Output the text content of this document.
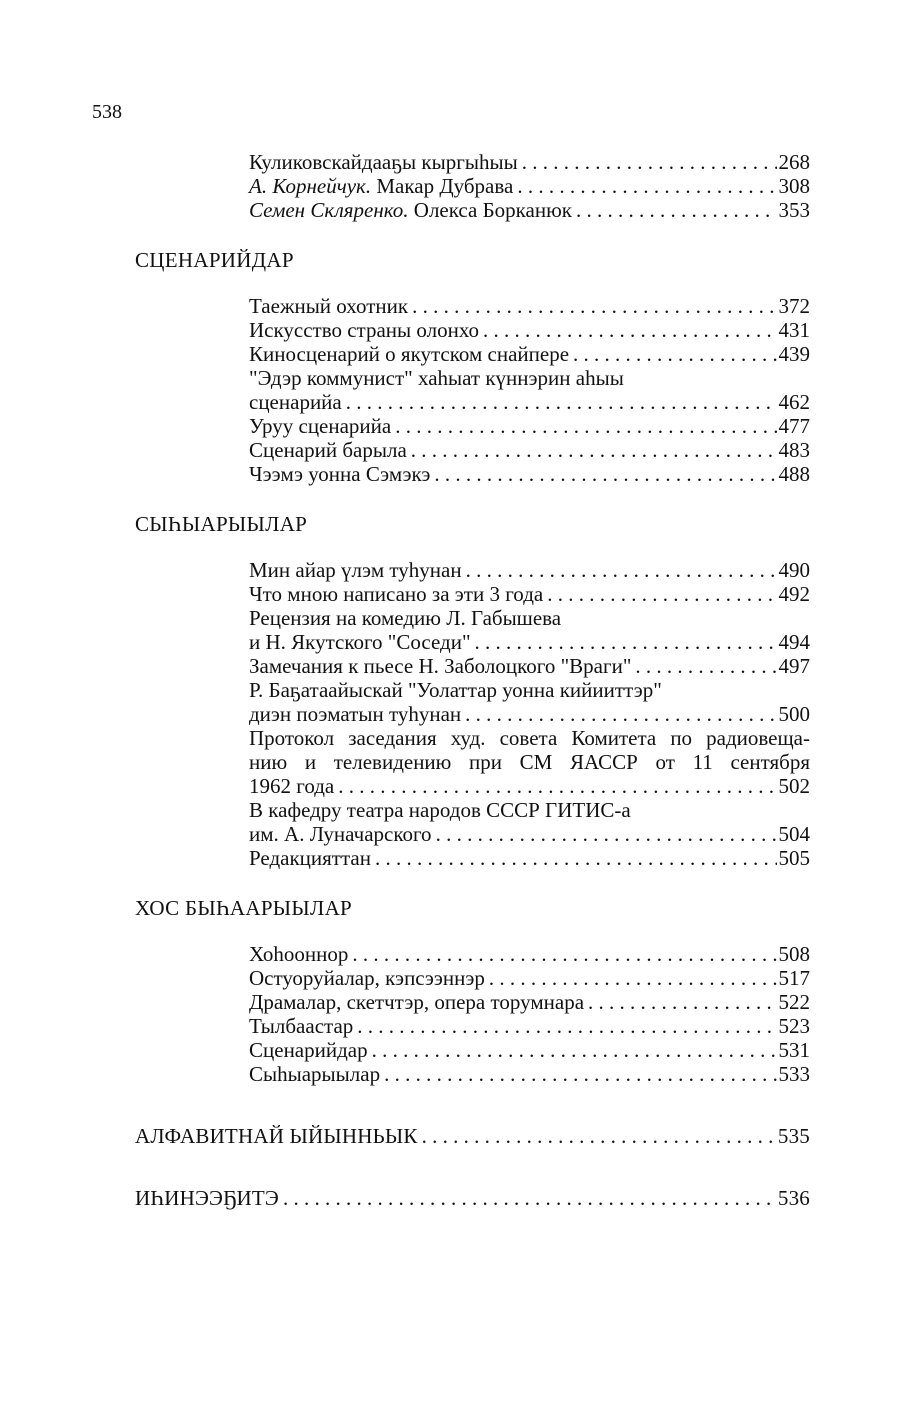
538
Куликовскайдааҕы кыргыһыы . . .	268
А. Корнейчук. Макар Дубрава . . .	308
Семен Скляренко. Олекса Борканюк . . .	353
СЦЕНАРИЙДАР
Таежный охотник . . .	372
Искусство страны олонхо . . .	431
Киносценарий о якутском снайпере . . .	439
"Эдэр коммунист" хаһыат күннэрин аһыы
сценарийа . . .	462
Уруу сценарийа . . .	477
Сценарий барыла . . .	483
Чээмэ уонна Сэмэкэ . . .	488
СЫҺЫАРЫЫЛАР
Мин айар үлэм туһунан . . .	490
Что мною написано за эти 3 года . . .	492
Рецензия на комедию Л. Габышева
и Н. Якутского "Соседи" . . .	494
Замечания к пьесе Н. Заболоцкого "Враги" . . .	497
Р. Баҕатаайыскай "Уолаттар уонна кийииттэр"
диэн поэматын туһунан . . .	500
Протокол заседания худ. совета Комитета по радиовеща-
нию и телевидению при СМ ЯАССР от 11 сентября
1962 года . . .	502
В кафедру театра народов СССР ГИТИС-а
им. А. Луначарского . . .	504
Редакцияттан . . .	505
ХОС БЫҺААРЫЫЛАР
Хоһооннор . . .	508
Остуоруйалар, кэпсээннэр . . .	517
Драмалар, скетчтэр, опера торумнара . . .	522
Тылбаастар . . .	523
Сценарийдар . . .	531
Сыһыарыылар . . .	533
АЛФАВИТНАЙ ЫЙЫННЬЫК . . .	535
ИҺИНЭЭҔИТЭ . . .	536
